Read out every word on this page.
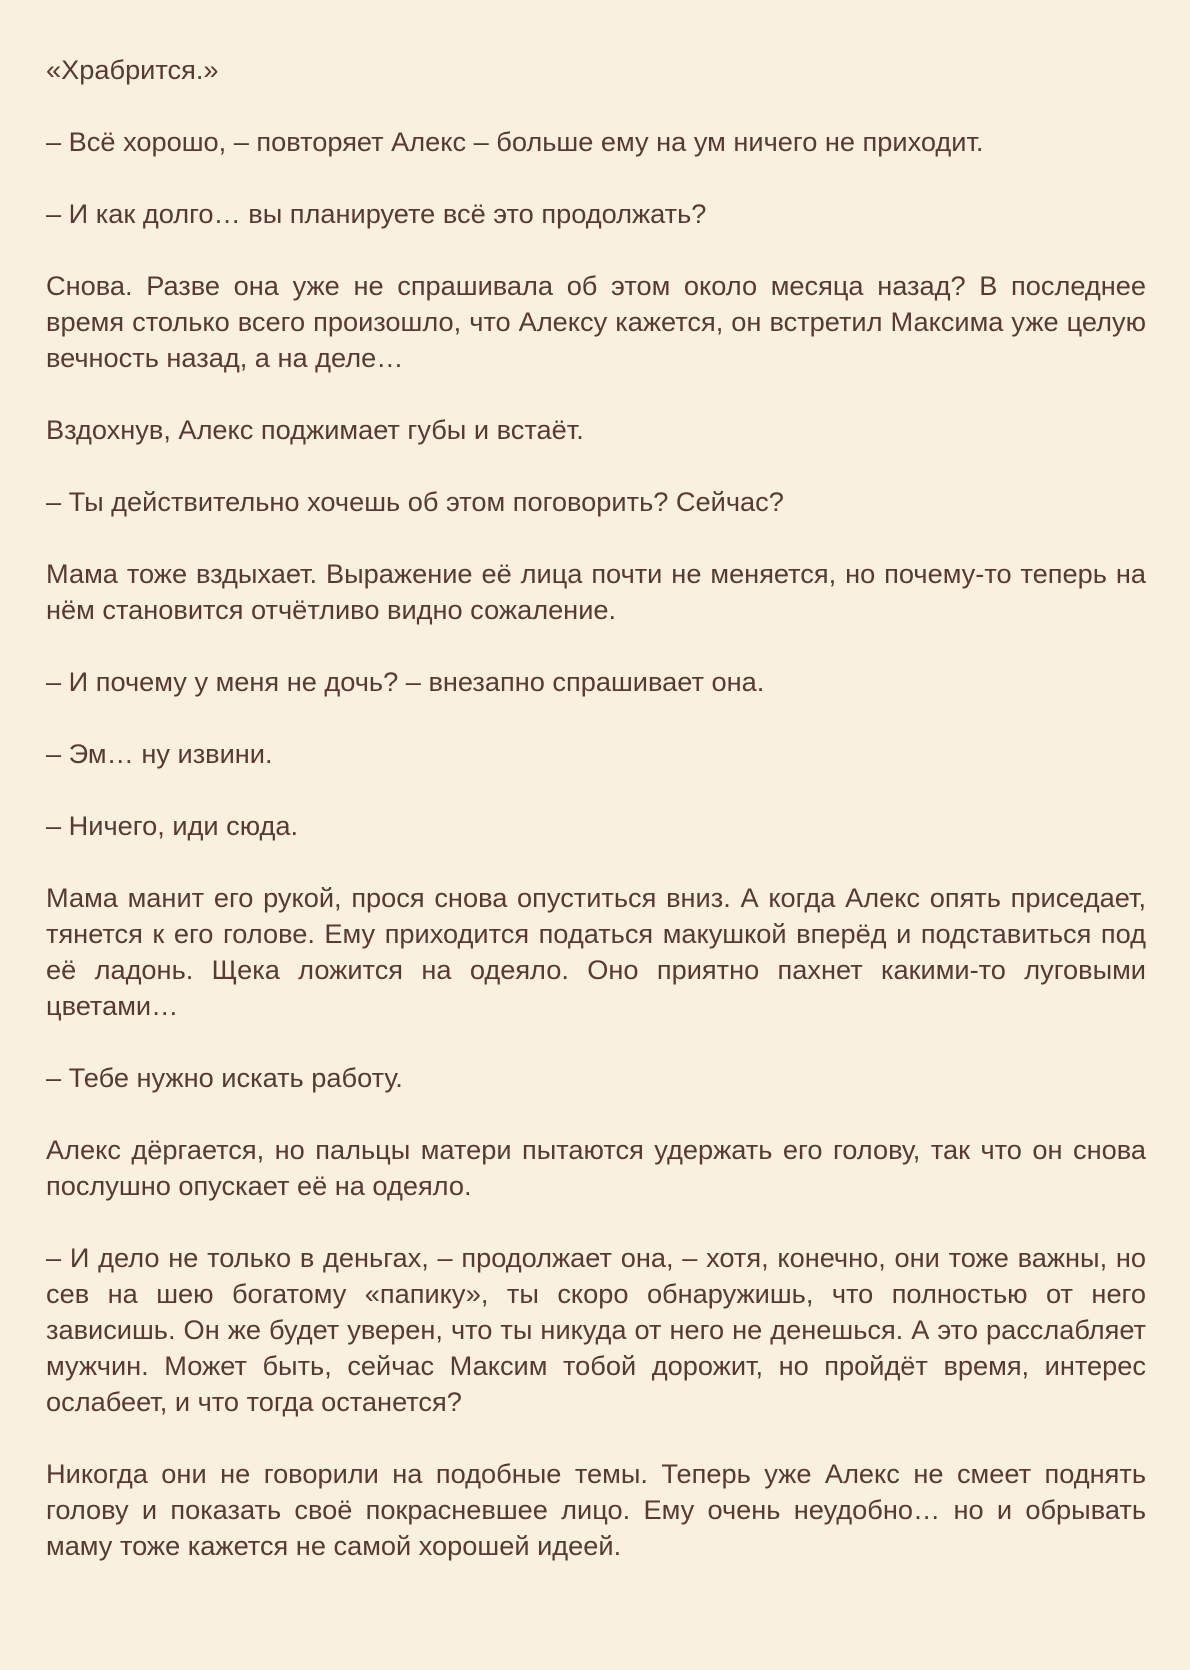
«Храбрится.»

– Всё хорошо, – повторяет Алекс – больше ему на ум ничего не приходит.

– И как долго… вы планируете всё это продолжать?

Снова. Разве она уже не спрашивала об этом около месяца назад? В последнее время столько всего произошло, что Алексу кажется, он встретил Максима уже целую вечность назад, а на деле…

Вздохнув, Алекс поджимает губы и встаёт.

– Ты действительно хочешь об этом поговорить? Сейчас?

Мама тоже вздыхает. Выражение её лица почти не меняется, но почему-то теперь на нём становится отчётливо видно сожаление.

– И почему у меня не дочь? – внезапно спрашивает она.

– Эм… ну извини.

– Ничего, иди сюда.

Мама манит его рукой, прося снова опуститься вниз. А когда Алекс опять приседает, тянется к его голове. Ему приходится податься макушкой вперёд и подставиться под её ладонь. Щека ложится на одеяло. Оно приятно пахнет какими-то луговыми цветами…

– Тебе нужно искать работу.

Алекс дёргается, но пальцы матери пытаются удержать его голову, так что он снова послушно опускает её на одеяло.

– И дело не только в деньгах, – продолжает она, – хотя, конечно, они тоже важны, но сев на шею богатому «папику», ты скоро обнаружишь, что полностью от него зависишь. Он же будет уверен, что ты никуда от него не денешься. А это расслабляет мужчин. Может быть, сейчас Максим тобой дорожит, но пройдёт время, интерес ослабеет, и что тогда останется?

Никогда они не говорили на подобные темы. Теперь уже Алекс не смеет поднять голову и показать своё покрасневшее лицо. Ему очень неудобно… но и обрывать маму тоже кажется не самой хорошей идеей.
